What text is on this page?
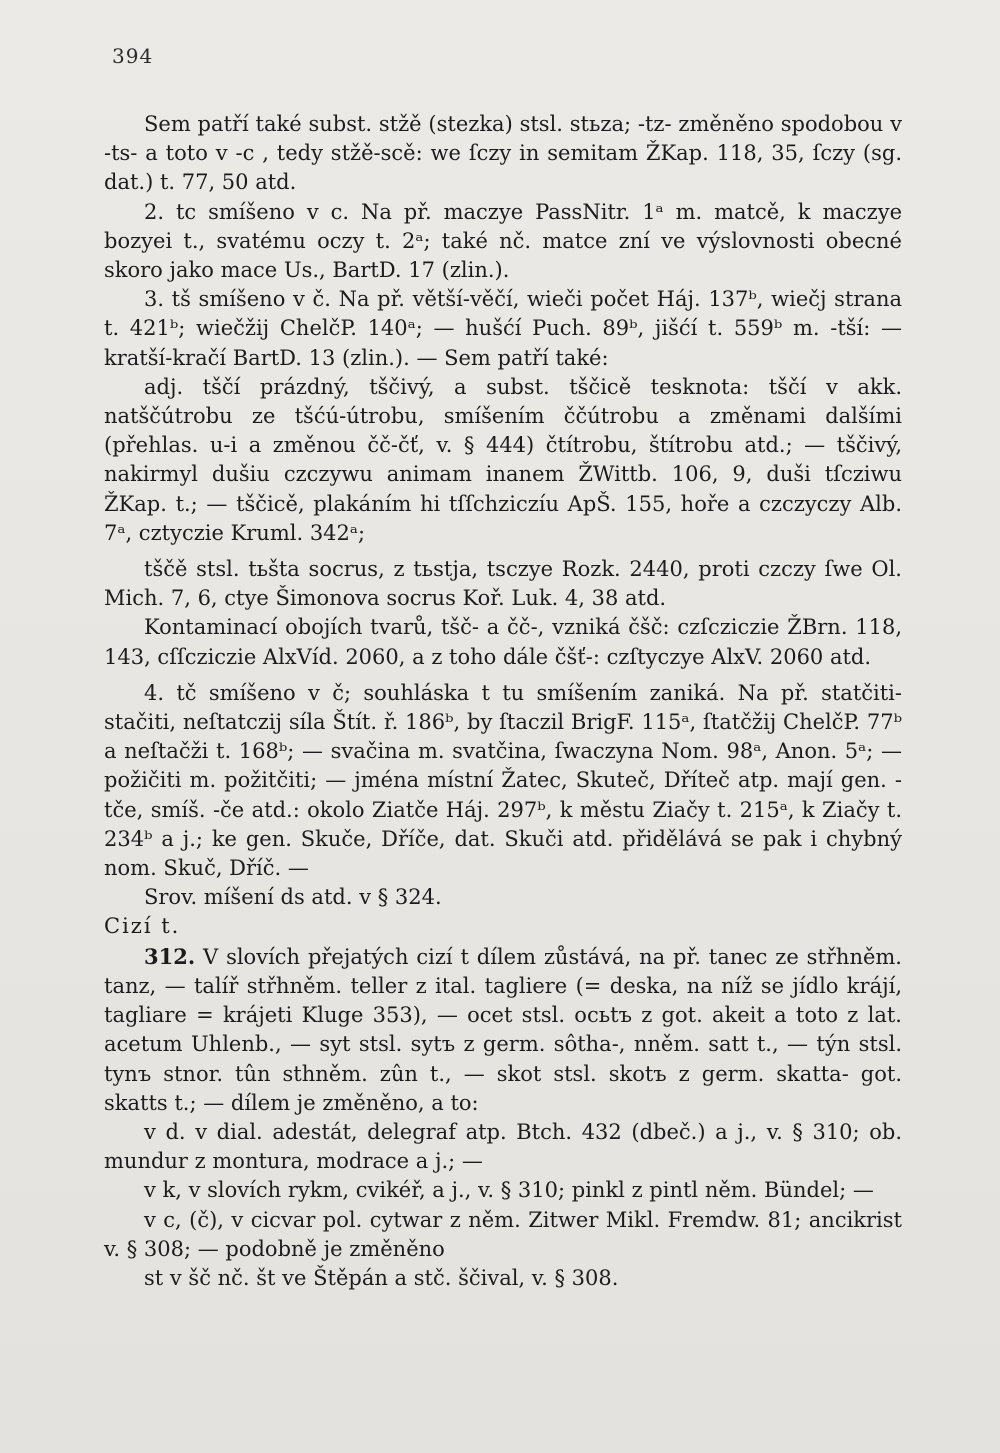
394

Sem patří také subst. stžě (stezka) stsl. stьza; -tz- změněno spodobou v -ts- a toto v -c , tedy stžě-scě: we ſczy in semitam ŽKap. 118, 35, ſczy (sg. dat.) t. 77, 50 atd.

2. tc smíšeno v c. Na př. maczye PassNitr. 1ᵃ m. matcě, k maczye bozyei t., svatému oczy t. 2ᵃ; také nč. matce zní ve výslovnosti obecné skoro jako mace Us., BartD. 17 (zlin.).

3. tš smíšeno v č. Na př. větší-věčí, wieči počet Háj. 137ᵇ, wiečj strana t. 421ᵇ; wiečžij ChelčP. 140ᵃ; — hušćí Puch. 89ᵇ, jišćí t. 559ᵇ m. -tší: — kratší-kračí BartD. 13 (zlin.). — Sem patří také:

adj. tščí prázdný, tščivý, a subst. tščicě tesknota: tščí v akk. natščútrobu ze tšćú-útrobu, smíšením ččútrobu a změnami dalšími (přehlas. u-i a změnou čč-čť, v. § 444) čtítrobu, štítrobu atd.; — tščivý, nakirmyl dušiu czczywu animam inanem ŽWittb. 106, 9, duši tſcziwu ŽKap. t.; — tščicě, plakáním hi tſſchziczíu ApŠ. 155, hoře a czczyczy Alb. 7ᵃ, cztyczie Kruml. 342ᵃ;

tščě stsl. tьšta socrus, z tьstja, tsczye Rozk. 2440, proti czczy ſwe Ol. Mich. 7, 6, ctye Šimonova socrus Koř. Luk. 4, 38 atd.

Kontaminací obojích tvarů, tšč- a čč-, vzniká čšč: czſcziczie ŽBrn. 118, 143, cſſcziczie AlxVíd. 2060, a z toho dále čšť-: czſtyczye AlxV. 2060 atd.

4. tč smíšeno v č; souhláska t tu smíšením zaniká. Na př. statčiti-stačiti, neſtatczij síla Štít. ř. 186ᵇ, by ſtaczil BrigF. 115ᵃ, ſtatčžij ChelčP. 77ᵇ a neſtačži t. 168ᵇ; — svačina m. svatčina, ſwaczyna Nom. 98ᵃ, Anon. 5ᵃ; — požičiti m. požitčiti; — jména místní Žatec, Skuteč, Dříteč atp. mají gen. -tče, smíš. -če atd.: okolo Ziatče Háj. 297ᵇ, k městu Ziačy t. 215ᵃ, k Ziačy t. 234ᵇ a j.; ke gen. Skuče, Dříče, dat. Skuči atd. přidělává se pak i chybný nom. Skuč, Dříč. —

Srov. míšení ds atd. v § 324.

Cizí t.

312. V slovích přejatých cizí t dílem zůstává, na př. tanec ze střhněm. tanz, — talíř střhněm. teller z ital. tagliere (= deska, na níž se jídlo krájí, tagliare = krájeti Kluge 353), — ocet stsl. ocьtъ z got. akeit a toto z lat. acetum Uhlenb., — syt stsl. sytъ z germ. sôtha-, nněm. satt t., — týn stsl. tynъ stnor. tûn sthněm. zûn t., — skot stsl. skotъ z germ. skatta- got. skatts t.; — dílem je změněno, a to:

v d. v dial. adestát, delegraf atp. Btch. 432 (dbeč.) a j., v. § 310; ob. mundur z montura, modrace a j.; —

v k, v slovích rykm, cvikéř, a j., v. § 310; pinkl z pintl něm. Bündel; —

v c, (č), v cicvar pol. cytwar z něm. Zitwer Mikl. Fremdw. 81; ancikrist v. § 308; — podobně je změněno

st v šč nč. št ve Štěpán a stč. ščival, v. § 308.
